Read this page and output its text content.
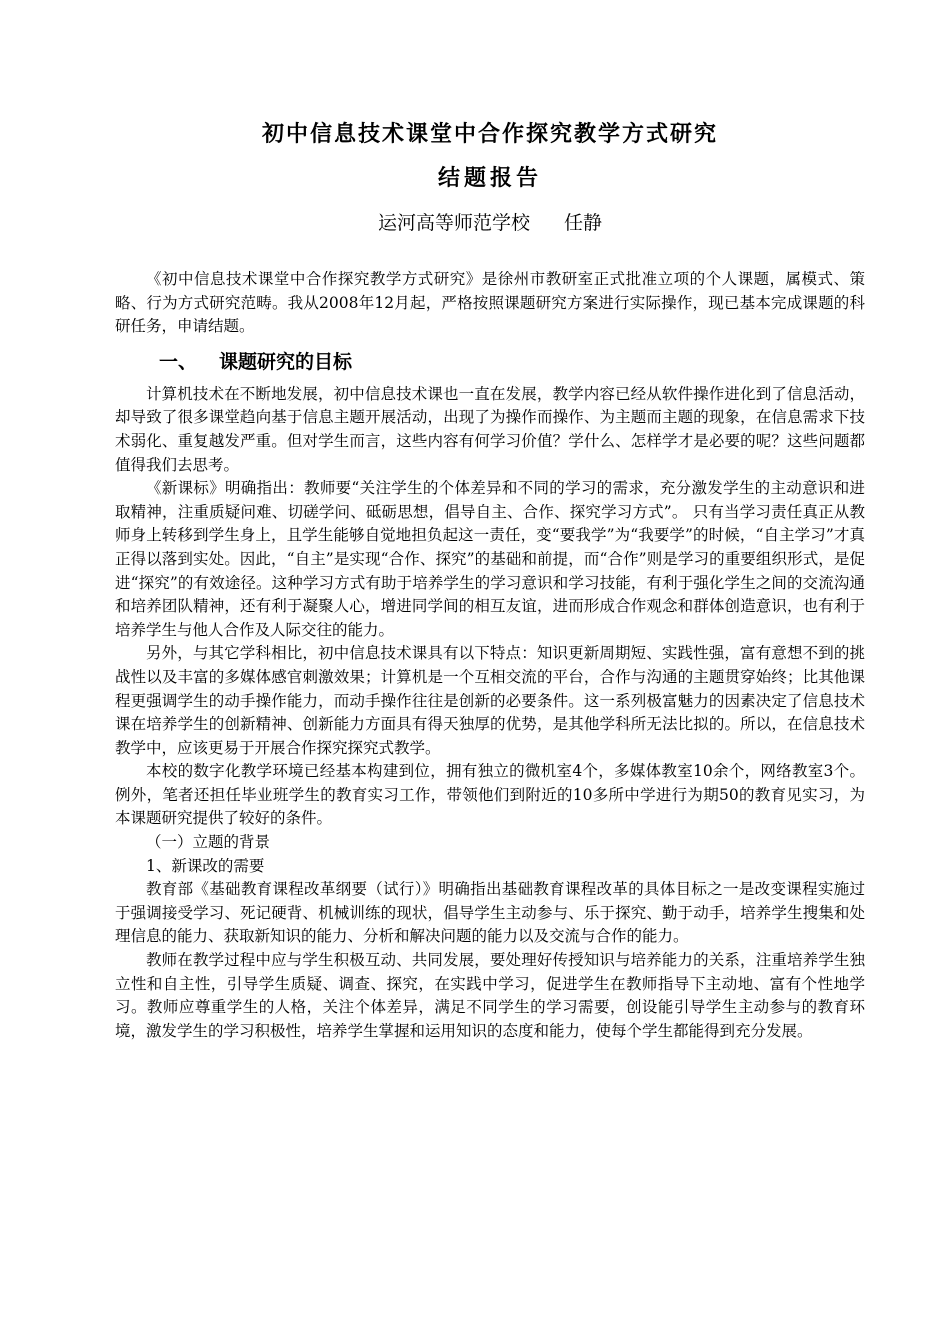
初中信息技术课堂中合作探究教学方式研究
结题报告
运河高等师范学校 任静

《初中信息技术课堂中合作探究教学方式研究》是徐州市教研室正式批准立项的个人课题，属模式、策略、行为方式研究范畴。我从2008年12月起，严格按照课题研究方案进行实际操作，现已基本完成课题的科研任务，申请结题。

一、 课题研究的目标

计算机技术在不断地发展，初中信息技术课也一直在发展，教学内容已经从软件操作进化到了信息活动，却导致了很多课堂趋向基于信息主题开展活动，出现了为操作而操作、为主题而主题的现象，在信息需求下技术弱化、重复越发严重。但对学生而言，这些内容有何学习价值？学什么、怎样学才是必要的呢？这些问题都值得我们去思考。

《新课标》明确指出：教师要“关注学生的个体差异和不同的学习的需求，充分激发学生的主动意识和进取精神，注重质疑问难、切磋学问、砥砺思想，倡导自主、合作、探究学习方式”。 只有当学习责任真正从教师身上转移到学生身上，且学生能够自觉地担负起这一责任，变“要我学”为“我要学”的时候，“自主学习”才真正得以落到实处。因此，“自主”是实现“合作、探究”的基础和前提，而“合作”则是学习的重要组织形式，是促进“探究”的有效途径。这种学习方式有助于培养学生的学习意识和学习技能，有利于强化学生之间的交流沟通和培养团队精神，还有利于凝聚人心，增进同学间的相互友谊，进而形成合作观念和群体创造意识，也有利于培养学生与他人合作及人际交往的能力。

另外，与其它学科相比，初中信息技术课具有以下特点：知识更新周期短、实践性强，富有意想不到的挑战性以及丰富的多媒体感官刺激效果；计算机是一个互相交流的平台，合作与沟通的主题贯穿始终；比其他课程更强调学生的动手操作能力，而动手操作往往是创新的必要条件。这一系列极富魅力的因素决定了信息技术课在培养学生的创新精神、创新能力方面具有得天独厚的优势，是其他学科所无法比拟的。所以，在信息技术教学中，应该更易于开展合作探究探究式教学。

本校的数字化教学环境已经基本构建到位，拥有独立的微机室4个，多媒体教室10余个，网络教室3个。例外，笔者还担任毕业班学生的教育实习工作，带领他们到附近的10多所中学进行为期50的教育见实习，为本课题研究提供了较好的条件。

（一）立题的背景

1、新课改的需要

教育部《基础教育课程改革纲要（试行）》明确指出基础教育课程改革的具体目标之一是改变课程实施过于强调接受学习、死记硬背、机械训练的现状，倡导学生主动参与、乐于探究、勤于动手，培养学生搜集和处理信息的能力、获取新知识的能力、分析和解决问题的能力以及交流与合作的能力。

教师在教学过程中应与学生积极互动、共同发展，要处理好传授知识与培养能力的关系，注重培养学生独立性和自主性，引导学生质疑、调查、探究，在实践中学习，促进学生在教师指导下主动地、富有个性地学习。教师应尊重学生的人格，关注个体差异，满足不同学生的学习需要，创设能引导学生主动参与的教育环境，激发学生的学习积极性，培养学生掌握和运用知识的态度和能力，使每个学生都能得到充分发展。
